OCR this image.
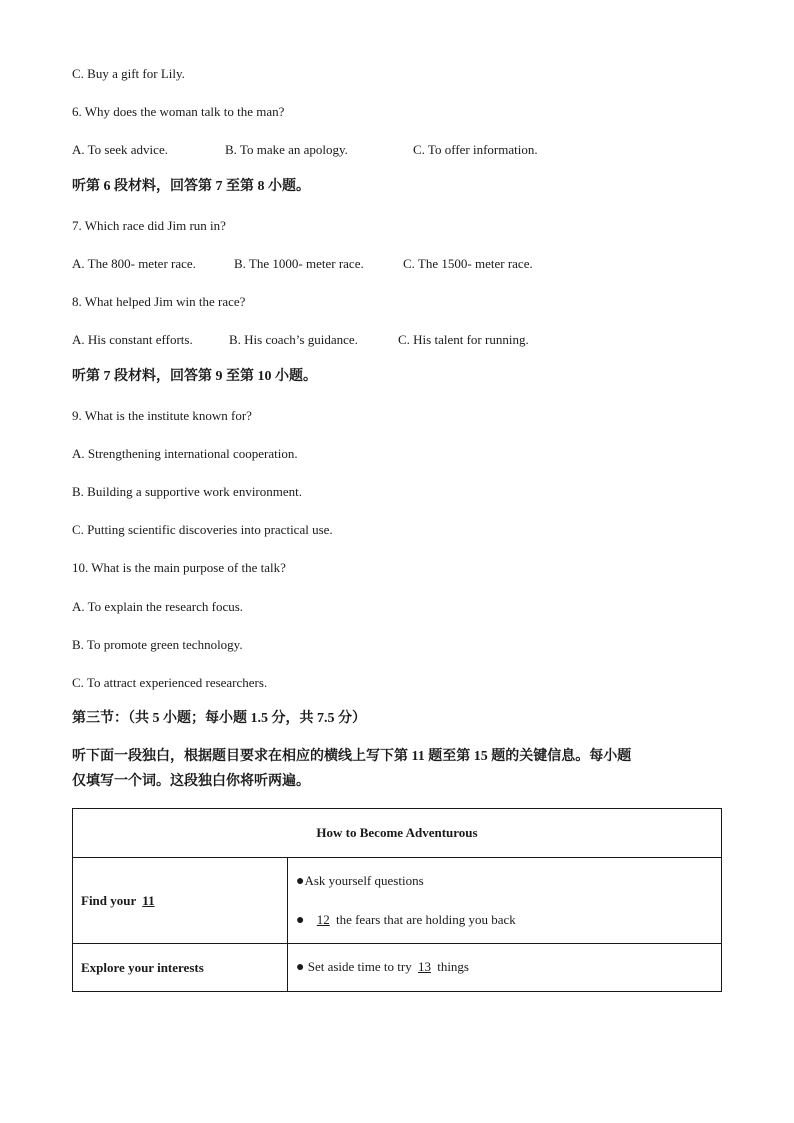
C. Buy a gift for Lily.
6. Why does the woman talk to the man?
A. To seek advice.	B. To make an apology.	C. To offer information.
听第 6 段材料，回答第 7 至第 8 小题。
7. Which race did Jim run in?
A. The 800- meter race.	B. The 1000- meter race.	C. The 1500- meter race.
8. What helped Jim win the race?
A. His constant efforts.	B. His coach’s guidance.	C. His talent for running.
听第 7 段材料，回答第 9 至第 10 小题。
9. What is the institute known for?
A. Strengthening international cooperation.
B. Building a supportive work environment.
C. Putting scientific discoveries into practical use.
10. What is the main purpose of the talk?
A. To explain the research focus.
B. To promote green technology.
C. To attract experienced researchers.
第三节：（共 5 小题；每小题 1.5 分，共 7.5 分）
听下面一段独白，根据题目要求在相应的横线上写下第 11 题至第 15 题的关键信息。每小题
仅填写一个词。这段独白你将听两遍。
How to Become Adventurous	
Find your 11	●Ask yourself questions
● 12 the fears that are holding you back

Explore your interests	● Set aside time to try 13 things
